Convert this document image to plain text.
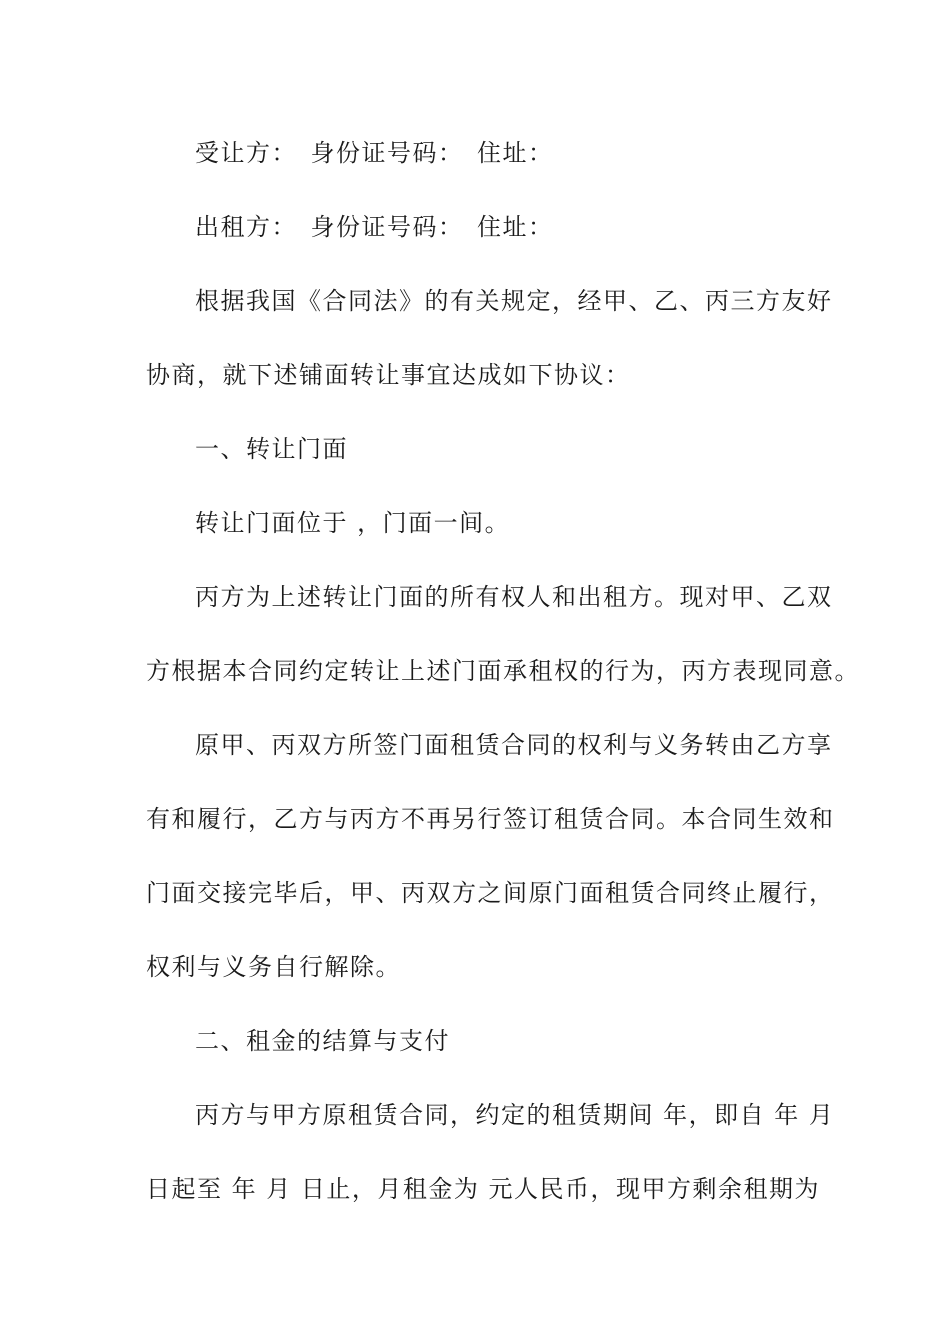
受让方：　身份证号码：　住址：
出租方：　身份证号码：　住址：
根据我国《合同法》的有关规定，经甲、乙、丙三方友好
协商，就下述铺面转让事宜达成如下协议：
一、转让门面
转让门面位于 ，门面一间。
丙方为上述转让门面的所有权人和出租方。现对甲、乙双
方根据本合同约定转让上述门面承租权的行为，丙方表现同意。
原甲、丙双方所签门面租赁合同的权利与义务转由乙方享
有和履行，乙方与丙方不再另行签订租赁合同。本合同生效和
门面交接完毕后，甲、丙双方之间原门面租赁合同终止履行，
权利与义务自行解除。
二、租金的结算与支付
丙方与甲方原租赁合同，约定的租赁期间 年，即自 年 月
日起至 年 月 日止，月租金为 元人民币，现甲方剩余租期为
